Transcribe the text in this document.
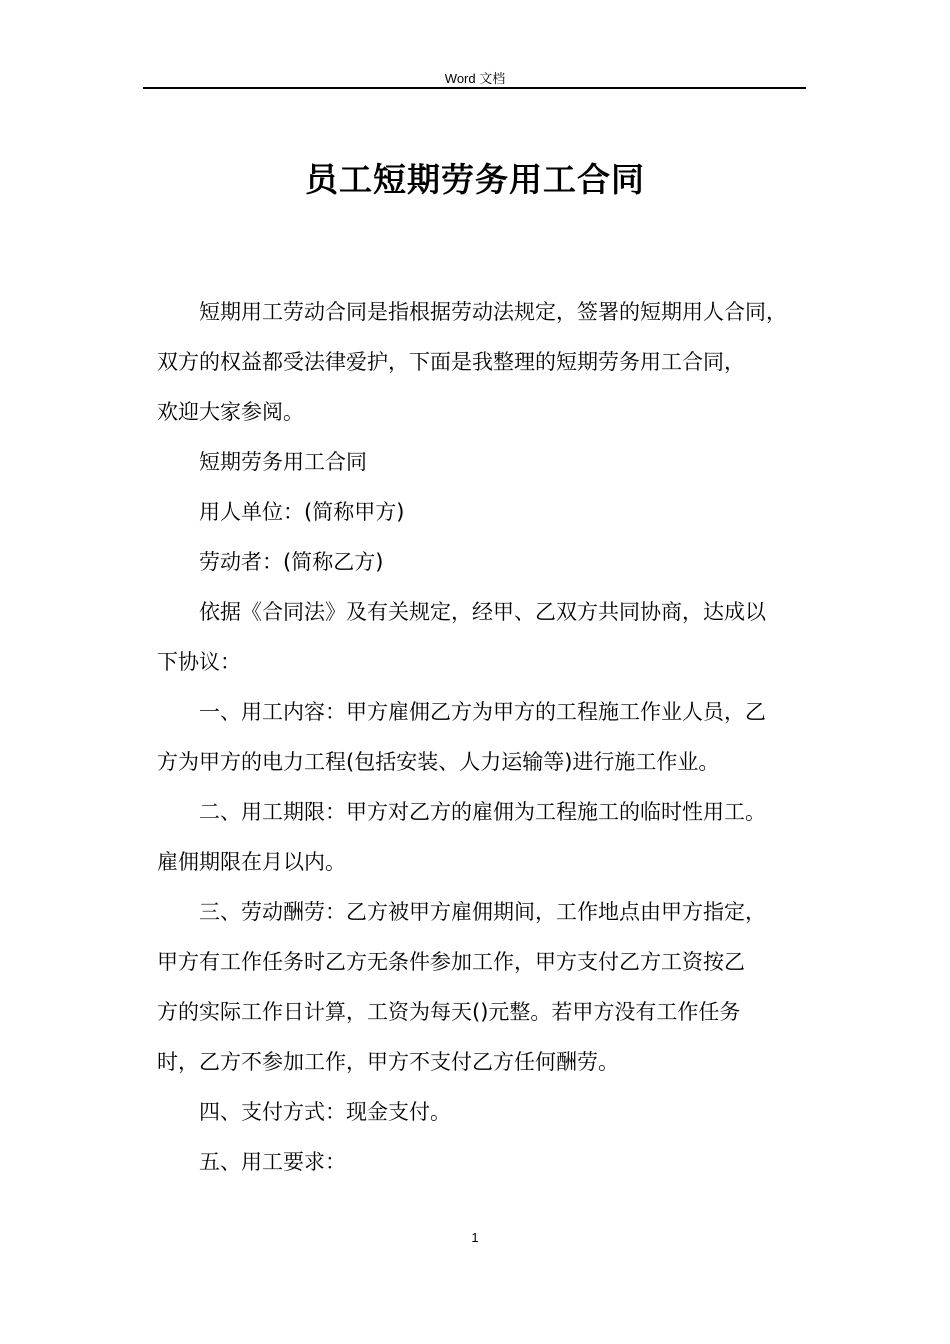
Word 文档
员工短期劳务用工合同

短期用工劳动合同是指根据劳动法规定，签署的短期用人合同，
双方的权益都受法律爱护，下面是我整理的短期劳务用工合同，
欢迎大家参阅。

短期劳务用工合同

用人单位：(简称甲方)

劳动者：(简称乙方)

依据《合同法》及有关规定，经甲、乙双方共同协商，达成以
下协议：

一、用工内容：甲方雇佣乙方为甲方的工程施工作业人员，乙
方为甲方的电力工程(包括安装、人力运输等)进行施工作业。

二、用工期限：甲方对乙方的雇佣为工程施工的临时性用工。
雇佣期限在月以内。

三、劳动酬劳：乙方被甲方雇佣期间，工作地点由甲方指定，
甲方有工作任务时乙方无条件参加工作，甲方支付乙方工资按乙
方的实际工作日计算，工资为每天()元整。若甲方没有工作任务
时，乙方不参加工作，甲方不支付乙方任何酬劳。

四、支付方式：现金支付。

五、用工要求：

1
